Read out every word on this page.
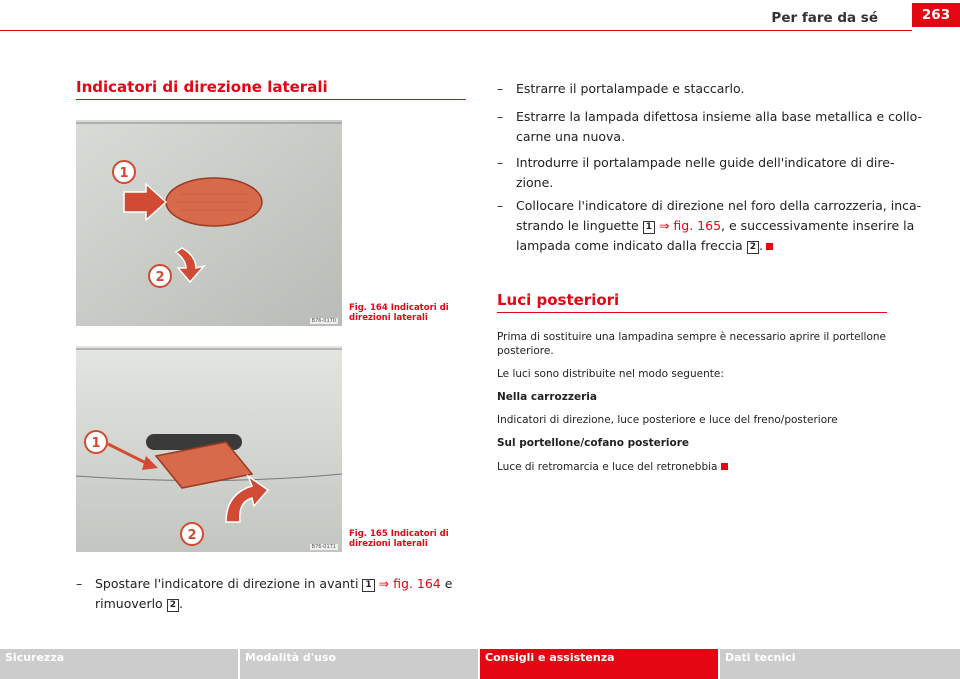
Per fare da sé	263
Indicatori di direzione laterali
1
2
B76-0170
Fig. 164 Indicatori di
direzioni laterali
1
2
B76-0171
Fig. 165 Indicatori di
direzioni laterali
–	Spostare l'indicatore di direzione in avanti 1 ⇒ fig. 164 e
rimuoverlo 2 .
– Estrarre il portalampade e staccarlo.
– Estrarre la lampada difettosa insieme alla base metallica e collo-
carne una nuova.
– Introdurre il portalampade nelle guide dell'indicatore di dire-
zione.
– Collocare l'indicatore di direzione nel foro della carrozzeria, inca-
strando le linguette 1 ⇒ fig. 165, e successivamente inserire la
lampada come indicato dalla freccia 2 .
Luci posteriori
Prima di sostituire una lampadina sempre è necessario aprire il portellone
posteriore.
Le luci sono distribuite nel modo seguente:
Nella carrozzeria
Indicatori di direzione, luce posteriore e luce del freno/posteriore
Sul portellone/cofano posteriore
Luce di retromarcia e luce del retronebbia
Sicurezza	Modalità d'uso	Consigli e assistenza	Dati tecnici
